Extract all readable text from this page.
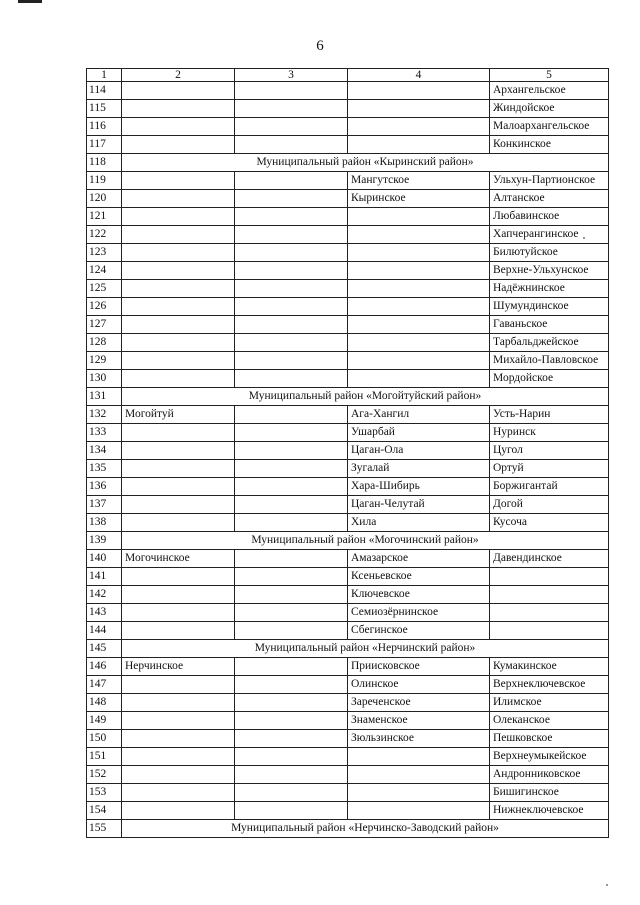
6
1	2	3	4	5
114				Архангельское
115				Жиндойское
116				Малоархангельское
117				Конкинское
118	Муниципальный район «Кыринский район»			
119			Мангутское	Ульхун-Партионское
120			Кыринское	Алтанское
121				Любавинское
122				Хапчерангинское
123				Билютуйское
124				Верхне-Ульхунское
125				Надёжнинское
126				Шумундинское
127				Гаваньское
128				Тарбальджейское
129				Михайло-Павловское
130				Мордойское
131	Муниципальный район «Могойтуйский район»			
132	Могойтуй		Ага-Хангил	Усть-Нарин
133			Ушарбай	Нуринск
134			Цаган-Ола	Цугол
135			Зугалай	Ортуй
136			Хара-Шибирь	Боржигантай
137			Цаган-Челутай	Догой
138			Хила	Кусоча
139	Муниципальный район «Могочинский район»			
140	Могочинское		Амазарское	Давендинское
141			Ксеньевское	
142			Ключевское	
143			Семиозёрнинское	
144			Сбегинское	
145	Муниципальный район «Нерчинский район»			
146	Нерчинское		Приисковское	Кумакинское
147			Олинское	Верхнеключевское
148			Зареченское	Илимское
149			Знаменское	Олеканское
150			Зюльзинское	Пешковское
151				Верхнеумыкейское
152				Андронниковское
153				Бишигинское
154				Нижнеключевское
155	Муниципальный район «Нерчинско-Заводский район»			
